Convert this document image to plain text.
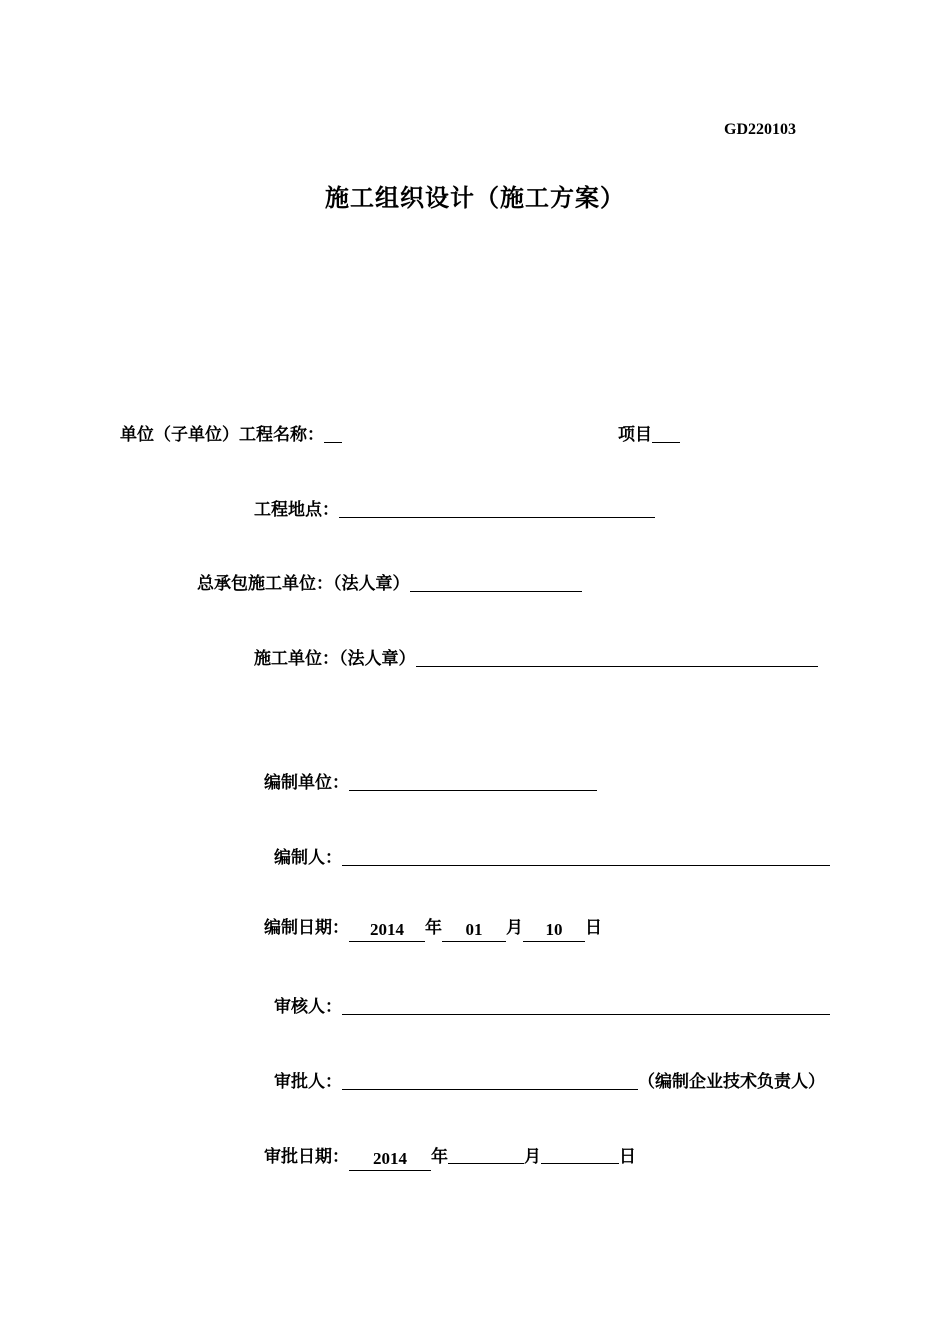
GD220103
施工组织设计（施工方案）
单位（子单位）工程名称：	项目
工程地点：
总承包施工单位：（法人章）
施工单位：（法人章）
编制单位：
编制人：
编制日期： 2014 年 01 月 10 日
审核人：
审批人：	（编制企业技术负责人）
审批日期： 2014 年	月	日
